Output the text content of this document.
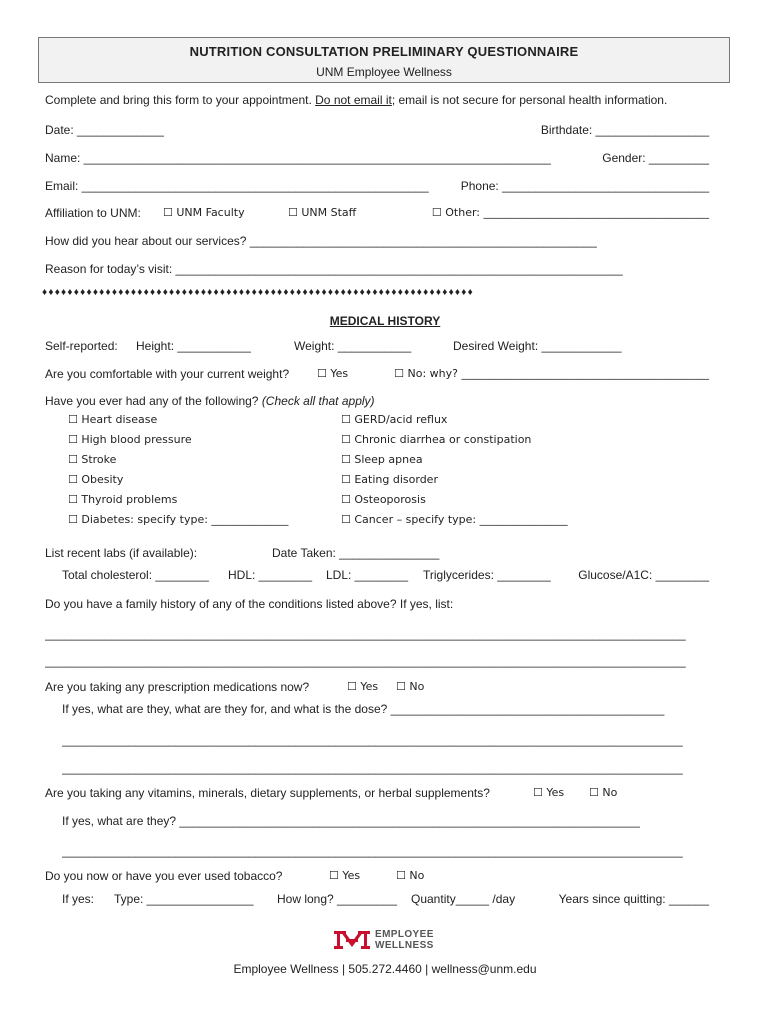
NUTRITION CONSULTATION PRELIMINARY QUESTIONNAIRE
UNM Employee Wellness
Complete and bring this form to your appointment. Do not email it; email is not secure for personal health information.
Date: _____________	Birthdate: _________________
Name: ______________________________________________________________________	Gender: _________
Email: ____________________________________________________	Phone: _______________________________
Affiliation to UNM: ☐ UNM Faculty	☐ UNM Staff	☐ Other: _________________________________________
How did you hear about our services? ____________________________________________________
Reason for today’s visit: ___________________________________________________________________
♦♦♦♦♦♦♦♦♦♦♦♦♦♦♦♦♦♦♦♦♦♦♦♦♦♦♦♦♦♦♦♦♦♦♦♦♦♦♦♦♦♦♦♦♦♦♦♦♦♦♦♦♦♦♦♦♦♦♦♦♦♦♦♦♦♦♦♦
MEDICAL HISTORY
Self-reported: Height: ___________	Weight: ___________	Desired Weight: ____________
Are you comfortable with your current weight?	☐ Yes	☐ No: why? _____________________________________________
Have you ever had any of the following? (Check all that apply)
☐ Heart disease
☐ High blood pressure
☐ Stroke
☐ Obesity
☐ Thyroid problems
☐ Diabetes: specify type: ______________
☐ GERD/acid reflux
☐ Chronic diarrhea or constipation
☐ Sleep apnea
☐ Eating disorder
☐ Osteoporosis
☐ Cancer – specify type: ________________
List recent labs (if available):	Date Taken: _______________
Total cholesterol: ________ HDL: ________ LDL: ________ Triglycerides: ________ Glucose/A1C: ________
Do you have a family history of any of the conditions listed above? If yes, list:
________________________________________________________________________________________________
________________________________________________________________________________________________
Are you taking any prescription medications now?	☐ Yes ☐ No
If yes, what are they, what are they for, and what is the dose? _________________________________________
_____________________________________________________________________________________________
_____________________________________________________________________________________________
Are you taking any vitamins, minerals, dietary supplements, or herbal supplements?	☐ Yes ☐ No
If yes, what are they? _____________________________________________________________________
_____________________________________________________________________________________________
Do you now or have you ever used tobacco?	☐ Yes	☐ No
If yes: Type: ________________ How long? _________ Quantity_____ /day	Years since quitting: ______
EMPLOYEE
WELLNESS
Employee Wellness | 505.272.4460 | wellness@unm.edu
